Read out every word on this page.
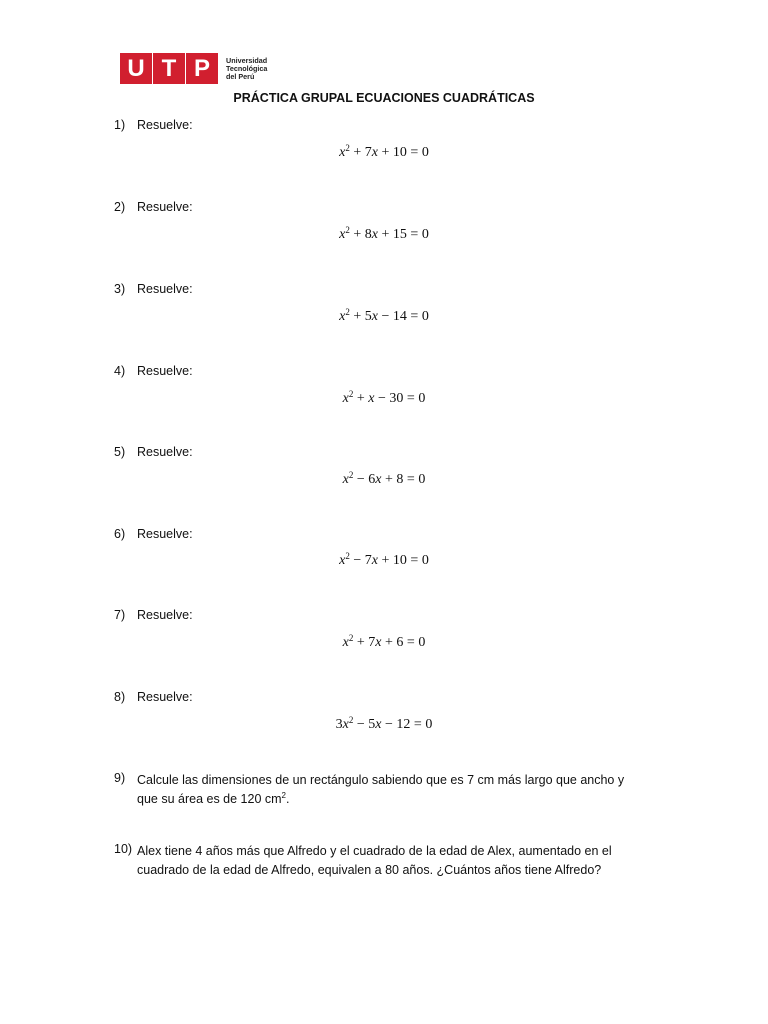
U T P	Universidad
Tecnológica
del Perú
PRÁCTICA GRUPAL ECUACIONES CUADRÁTICAS
1) Resuelve:
$x^2 + 7x + 10 = 0$
2) Resuelve:
$x^2 + 8x + 15 = 0$
3) Resuelve:
$x^2 + 5x - 14 = 0$
4) Resuelve:
$x^2 + x - 30 = 0$
5) Resuelve:
$x^2 - 6x + 8 = 0$
6) Resuelve:
$x^2 - 7x + 10 = 0$
7) Resuelve:
$x^2 + 7x + 6 = 0$
8) Resuelve:
$3x^2 - 5x - 12 = 0$
9) Calcule las dimensiones de un rectángulo sabiendo que es 7 cm más largo que ancho y que su área es de 120 $cm^2$.
10) Alex tiene 4 años más que Alfredo y el cuadrado de la edad de Alex, aumentado en el cuadrado de la edad de Alfredo, equivalen a 80 años. ¿Cuántos años tiene Alfredo?
